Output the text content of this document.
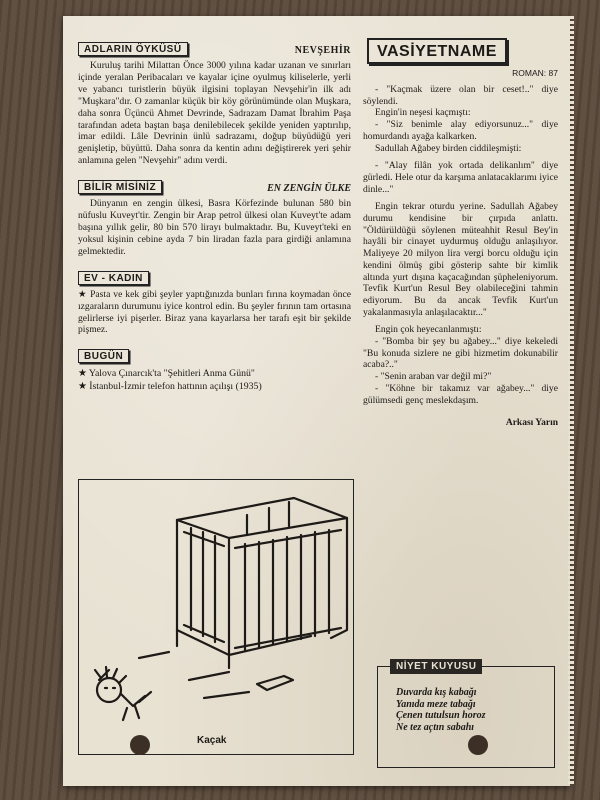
ADLARIN ÖYKÜSÜ	NEVŞEHİR

Kuruluş tarihi Milattan Önce 3000 yılına kadar uzanan ve sınırları içinde yeralan Peribacaları ve kayalar içine oyulmuş kiliselerle, yerli ve yabancı turistlerin büyük ilgisini toplayan Nevşehir'in ilk adı "Muşkara"dır. O zamanlar küçük bir köy görünümünde olan Muşkara, daha sonra Üçüncü Ahmet Devrinde, Sadrazam Damat İbrahim Paşa tarafından adeta baştan başa denilebilecek şekilde yeniden yaptırılıp, imar edildi. Lâle Devrinin ünlü sadrazamı, doğup büyüdüğü yeri genişletip, büyüttü. Daha sonra da kentin adını değiştirerek yeri şehir anlamına gelen "Nevşehir" adını verdi.

BİLİR MİSİNİZ	EN ZENGİN ÜLKE

Dünyanın en zengin ülkesi, Basra Körfezinde bulunan 580 bin nüfuslu Kuveyt'tir. Zengin bir Arap petrol ülkesi olan Kuveyt'te adam başına yıllık gelir, 80 bin 570 lirayı bulmaktadır. Bu, Kuveyt'teki en yoksul kişinin cebine ayda 7 bin liradan fazla para girdiği anlamına gelmektedir.

EV - KADIN

★ Pasta ve kek gibi şeyler yaptığınızda bunları fırına koymadan önce ızgaraların durumunu iyice kontrol edin. Bu şeyler fırının tam ortasına gelirlerse iyi pişerler. Biraz yana kayarlarsa her tarafı eşit bir şekilde pişmez.

BUGÜN

★ Yalova Çınarcık'ta "Şehitleri Anma Günü"

★ İstanbul-İzmir telefon hattının açılışı (1935)

Kaçak
VASİYETNAME
ROMAN: 87

- "Kaçmak üzere olan bir ceset!.." diye söylendi.

Engin'in neşesi kaçmıştı:

- "Siz benimle alay ediyorsunuz..." diye homurdandı ayağa kalkarken.

Sadullah Ağabey birden ciddileşmişti:

- "Alay filân yok ortada delikanlım" diye gürledi. Hele otur da karşıma anlatacaklarımı iyice dinle..."

Engin tekrar oturdu yerine. Sadullah Ağabey durumu kendisine bir çırpıda anlattı. "Öldürüldüğü söylenen müteahhit Resul Bey'in hayâli bir cinayet uydurmuş olduğu anlaşılıyor. Maliyeye 20 milyon lira vergi borcu olduğu için kendini ölmüş gibi gösterip sahte bir kimlik altında yurt dışına kaçacağından şüpheleniyorum. Tevfik Kurt'un Resul Bey olabileceğini tahmin ediyorum. Bu da ancak Tevfik Kurt'un yakalanmasıyla anlaşılacaktır..."

Engin çok heyecanlanmıştı:

- "Bomba bir şey bu ağabey..." diye kekeledi "Bu konuda sizlere ne gibi hizmetim dokunabilir acaba?.."

- "Senin araban var değil mi?"

- "Köhne bir takamız var ağabey..." diye gülümsedi genç meslekdaşım.

Arkası Yarın
NİYET KUYUSU
Duvarda kış kabağı
Yanıda meze tabağı
Çenen tutulsun horoz
Ne tez açtın sabahı
